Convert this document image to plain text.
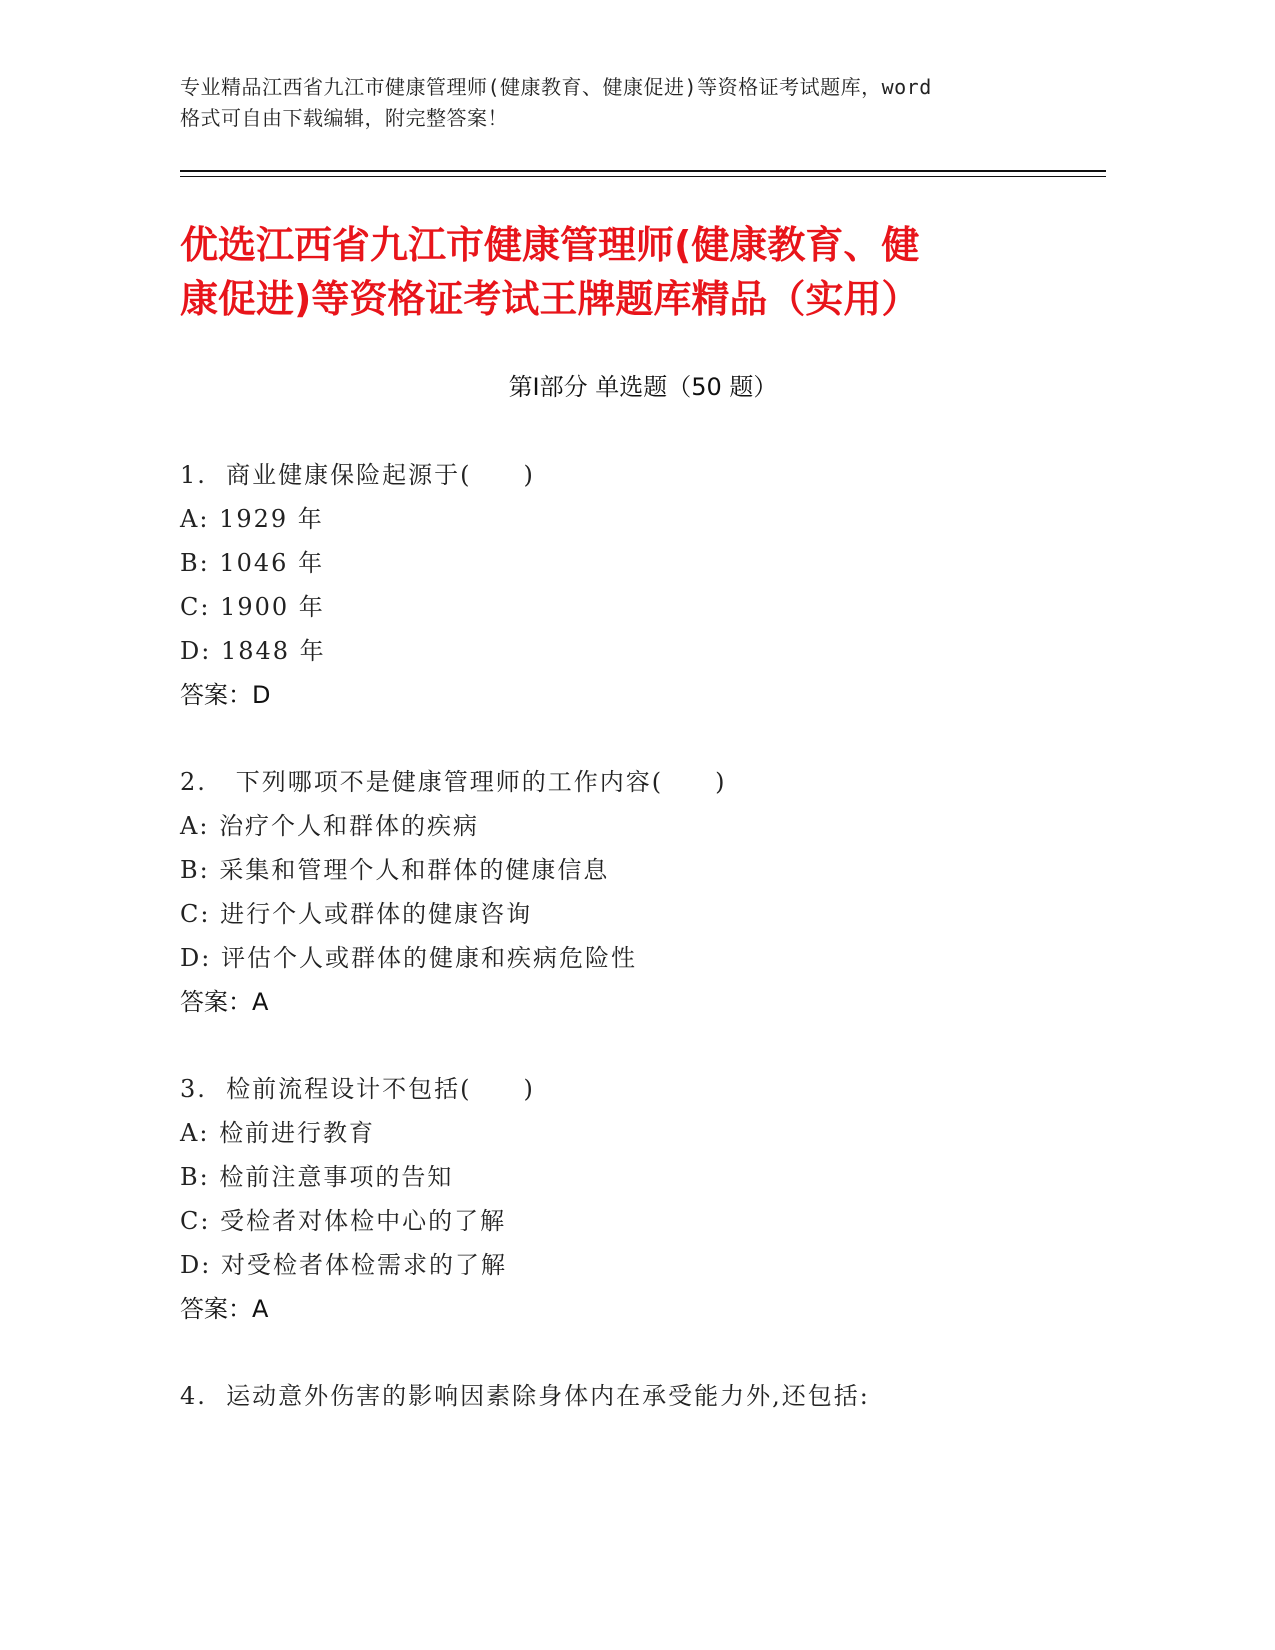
专业精品江西省九江市健康管理师(健康教育、健康促进)等资格证考试题库，word
格式可自由下载编辑，附完整答案！
优选江西省九江市健康管理师(健康教育、健
康促进)等资格证考试王牌题库精品（实用）
第Ⅰ部分 单选题（50 题）
1. 商业健康保险起源于(　　)
A: 1929 年
B: 1046 年
C: 1900 年
D: 1848 年
答案：D
2.   下列哪项不是健康管理师的工作内容(　　)
A: 治疗个人和群体的疾病
B: 采集和管理个人和群体的健康信息
C: 进行个人或群体的健康咨询
D: 评估个人或群体的健康和疾病危险性
答案：A
3. 检前流程设计不包括(　　)
A: 检前进行教育
B: 检前注意事项的告知
C: 受检者对体检中心的了解
D: 对受检者体检需求的了解
答案：A
4. 运动意外伤害的影响因素除身体内在承受能力外,还包括:
